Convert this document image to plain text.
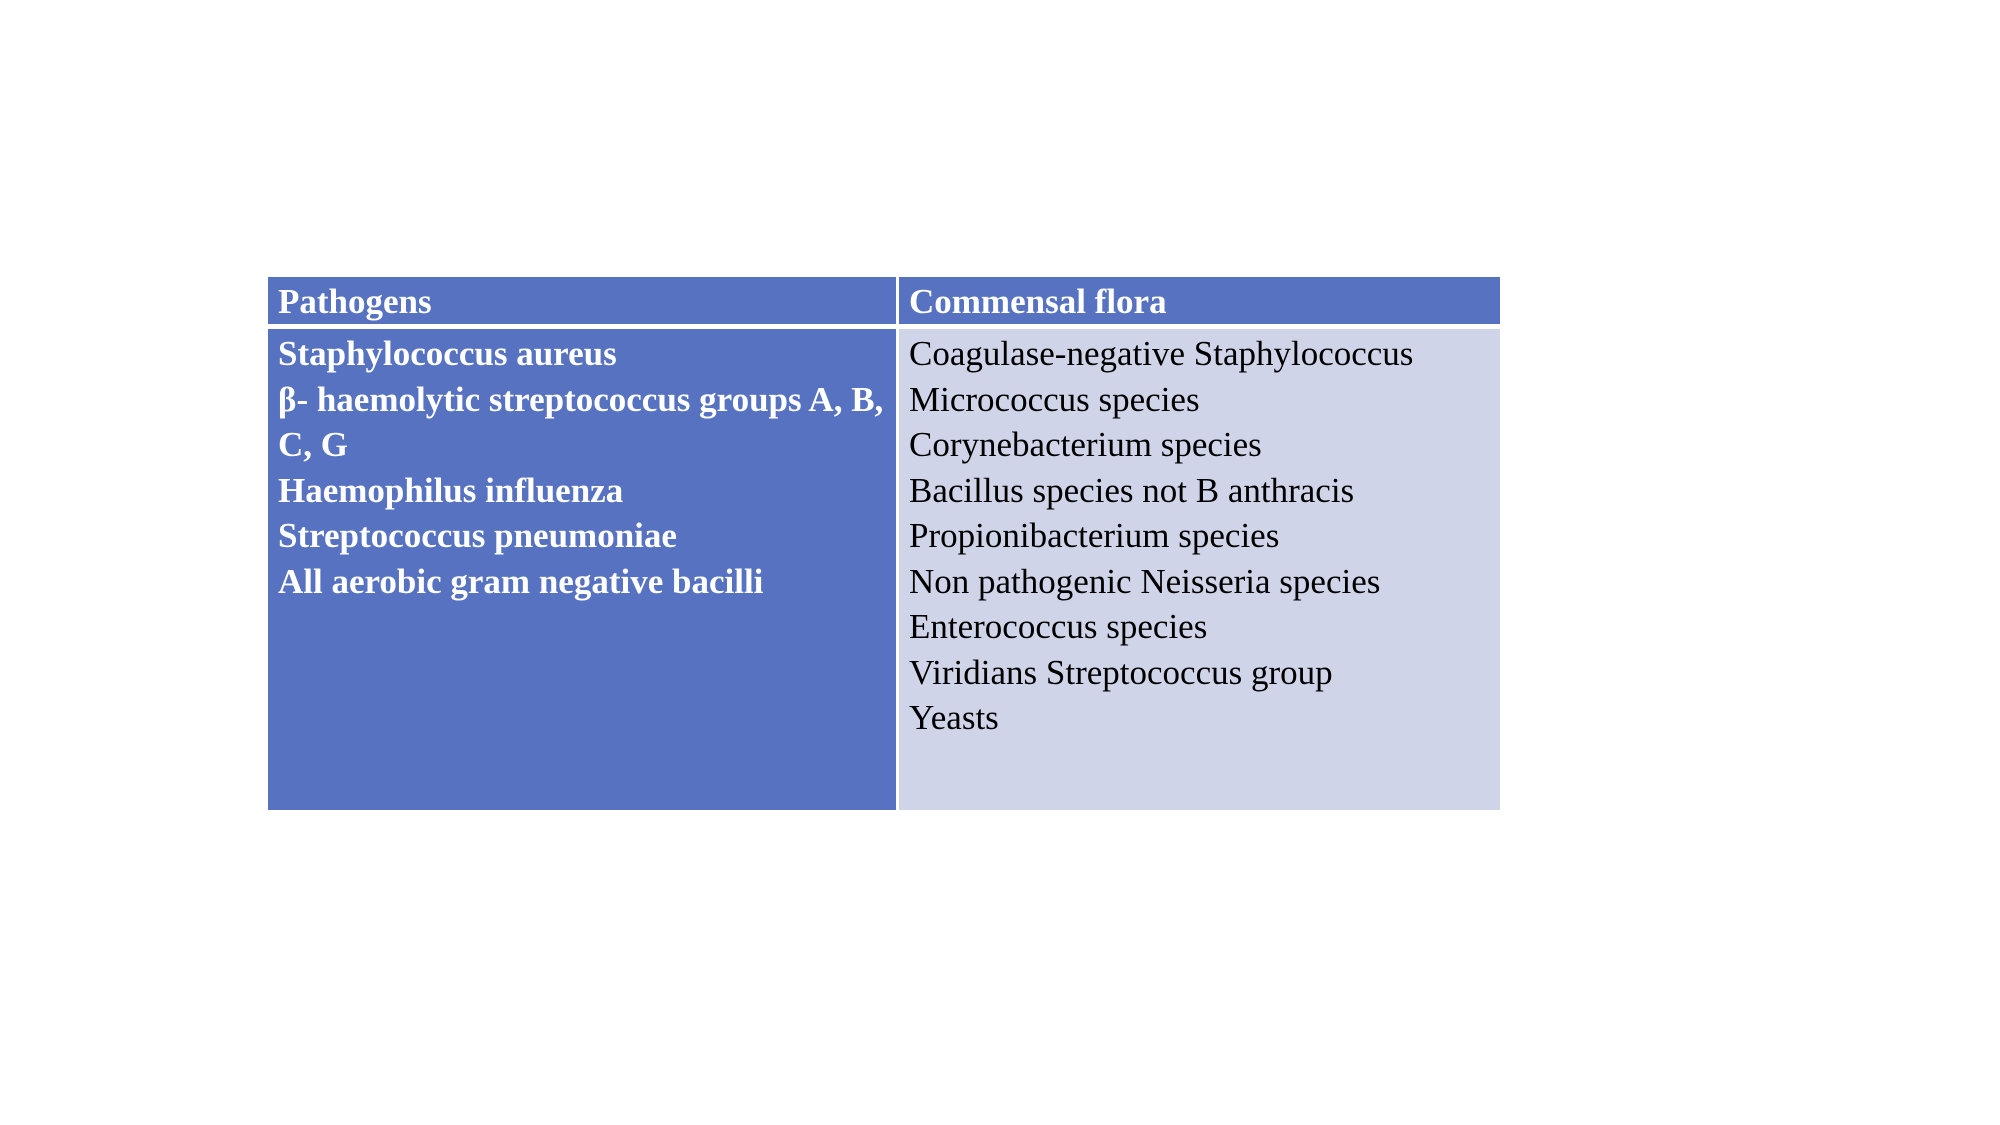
Pathogens	Commensal flora
Staphylococcus aureus
β- haemolytic streptococcus groups A, B, C, G
Haemophilus influenza
Streptococcus pneumoniae
All aerobic gram negative bacilli
Coagulase-negative Staphylococcus
Micrococcus species
Corynebacterium species
Bacillus species not B anthracis
Propionibacterium species
Non pathogenic Neisseria species
Enterococcus species
Viridians Streptococcus group
Yeasts
